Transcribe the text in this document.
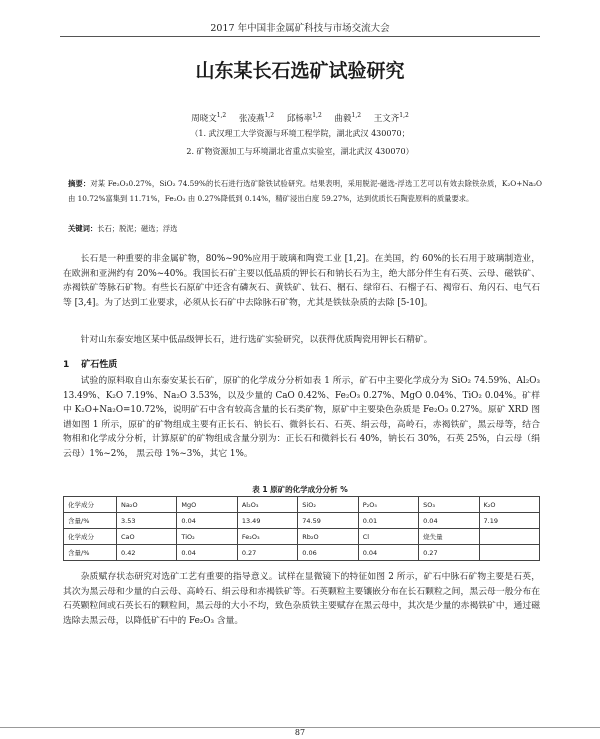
2017 年中国非金属矿科技与市场交流大会
山东某长石选矿试验研究
周晓文$^{1,2}$ 张凌燕$^{1,2}$ 邱杨率$^{1,2}$ 曲毅$^{1,2}$ 王文齐$^{1,2}$
（1. 武汉理工大学资源与环境工程学院，湖北武汉 430070；
2. 矿物资源加工与环境湖北省重点实验室，湖北武汉 430070）
摘要：对某 Fe₂O₃0.27%，SiO₂ 74.59%的长石进行选矿除铁试验研究。结果表明，采用脱泥-磁选-浮选工艺可以有效去除铁杂质，K₂O+Na₂O 由 10.72%富集到 11.71%，Fe₂O₃ 由 0.27%降低到 0.14%，精矿浸出白度 59.27%，达到优质长石陶瓷原料的质量要求。
关键词：长石；脱泥；磁选；浮选

长石是一种重要的非金属矿物，80%~90%应用于玻璃和陶瓷工业 [1,2]。在美国，约 60%的长石用于玻璃制造业，在欧洲和亚洲约有 20%~40%。我国长石矿主要以低品质的钾长石和钠长石为主，绝大部分伴生有石英、云母、磁铁矿、赤褐铁矿等脉石矿物。有些长石原矿中还含有磷灰石、黄铁矿、钛石、榍石、绿帘石、石榴子石、褐帘石、角闪石、电气石等 [3,4]。为了达到工业要求，必须从长石矿中去除脉石矿物，尤其是铁钛杂质的去除 [5-10]。

针对山东泰安地区某中低品级钾长石，进行选矿实验研究，以获得优质陶瓷用钾长石精矿。

1 矿石性质

试验的原料取自山东泰安某长石矿，原矿的化学成分分析如表 1 所示，矿石中主要化学成分为 SiO₂ 74.59%、Al₂O₃ 13.49%、K₂O 7.19%、Na₂O 3.53%，以及少量的 CaO 0.42%、Fe₂O₃ 0.27%、MgO 0.04%、TiO₂ 0.04%。矿样中 K₂O+Na₂O=10.72%，说明矿石中含有较高含量的长石类矿物，原矿中主要染色杂质是 Fe₂O₃ 0.27%。原矿 XRD 图谱如图 1 所示，原矿的矿物组成主要有正长石、钠长石、微斜长石、石英、绢云母，高岭石，赤褐铁矿，黑云母等，结合物相和化学成分分析，计算原矿的矿物组成含量分别为：正长石和微斜长石 40%，钠长石 30%，石英 25%，白云母（绢云母）1%~2%， 黑云母 1%~3%，其它 1%。

表 1 原矿的化学成分分析 %
化学成分	Na₂O	MgO	Al₂O₃	SiO₂	P₂O₅	SO₃	K₂O
含量/%	3.53	0.04	13.49	74.59	0.01	0.04	7.19
化学成分	CaO	TiO₂	Fe₂O₃	Rb₂O	Cl	烧失量	
含量/%	0.42	0.04	0.27	0.06	0.04	0.27	

杂质赋存状态研究对选矿工艺有重要的指导意义。试样在显微镜下的特征如图 2 所示，矿石中脉石矿物主要是石英，其次为黑云母和少量的白云母、高岭石、绢云母和赤褐铁矿等。石英颗粒主要镶嵌分布在长石颗粒之间，黑云母一般分布在石英颗粒间或石英长石的颗粒间，黑云母的大小不均，致色杂质铁主要赋存在黑云母中，其次是少量的赤褐铁矿中，通过磁选除去黑云母，以降低矿石中的 Fe₂O₃ 含量。

87
